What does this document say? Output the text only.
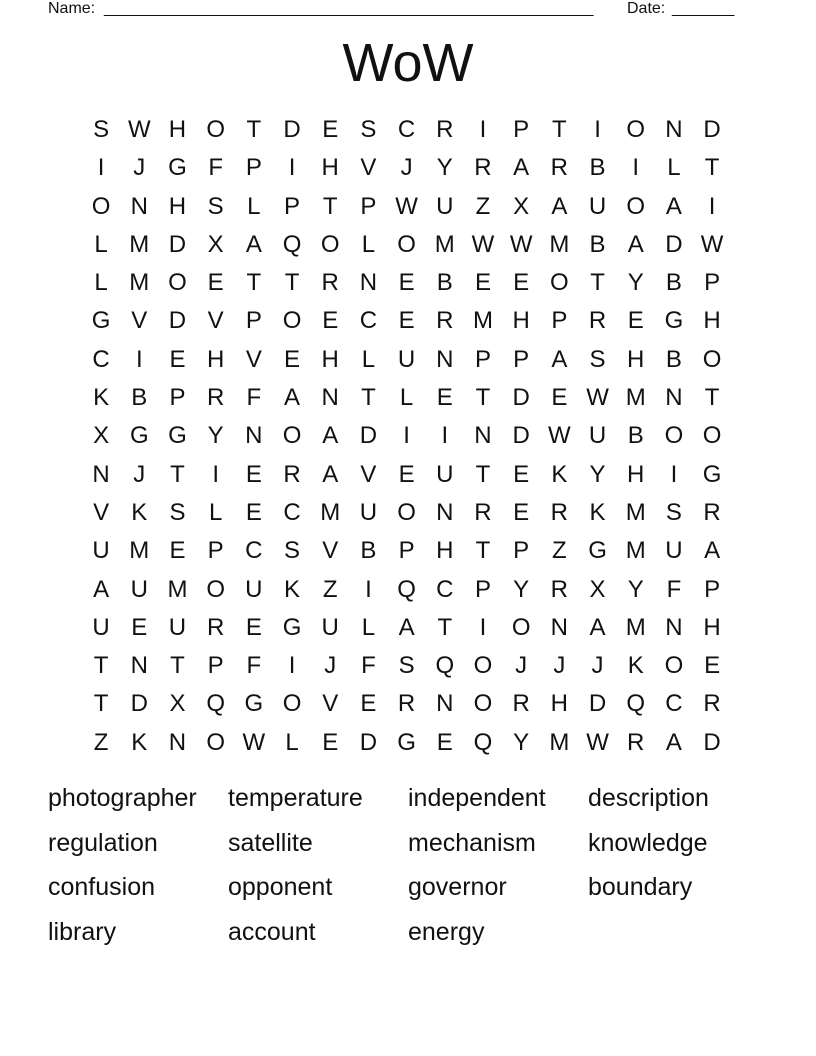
Name: _______________________________________________________ Date: _______
WoW
S W H O T D E S C R I P T I O N D
I J G F P I H V J Y R A R B I L T
O N H S L P T P W U Z X A U O A I
L M D X A Q O L O M W W M B A D W
L M O E T T R N E B E E O T Y B P
G V D V P O E C E R M H P R E G H
C I E H V E H L U N P P A S H B O
K B P R F A N T L E T D E W M N T
X G G Y N O A D I I N D W U B O O
N J T I E R A V E U T E K Y H I G
V K S L E C M U O N R E R K M S R
U M E P C S V B P H T P Z G M U A
A U M O U K Z I Q C P Y R X Y F P
U E U R E G U L A T I O N A M N H
T N T P F I J F S Q O J J J K O E
T D X Q G O V E R N O R H D Q C R
Z K N O W L E D G E Q Y M W R A D
photographer temperature independent description
regulation	satellite	mechanism knowledge
confusion	opponent	governor	boundary
library	account	energy
